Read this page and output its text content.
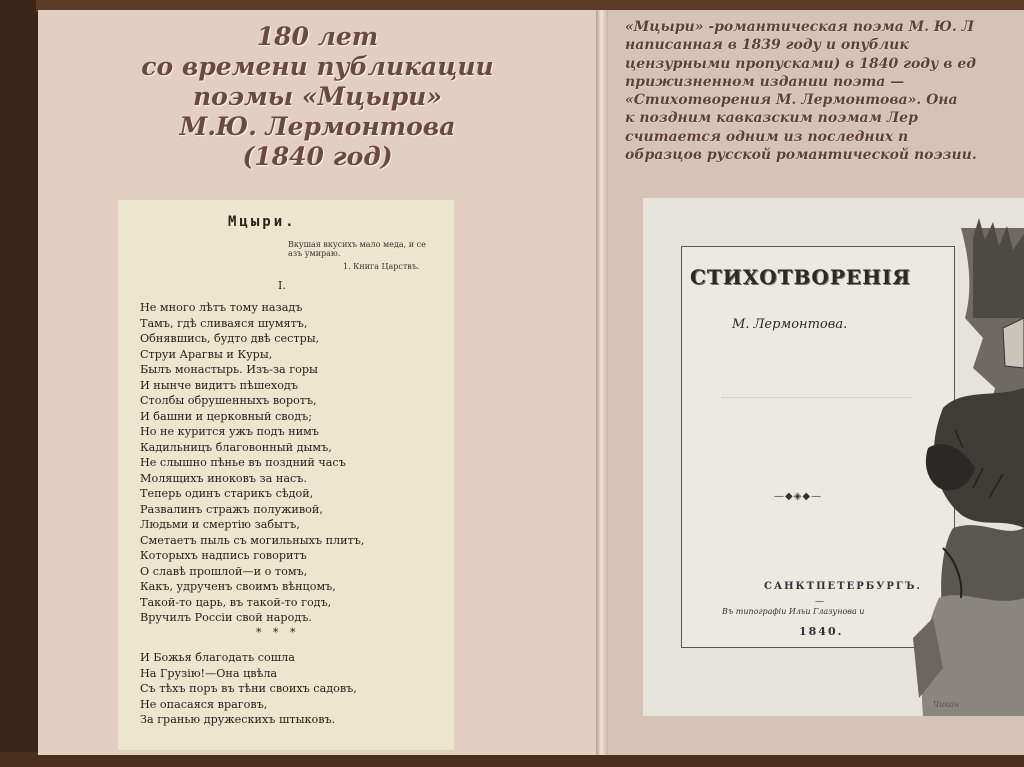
180 лет
со времени публикации
поэмы «Мцыри»
М.Ю. Лермонтова
(1840 год)
Мцыри.
Вкушая вкусихъ мало меда, и се
азъ умираю.
1. Книга Царствъ.
I.
Не много лѣтъ тому назадъ
Тамъ, гдѣ сливаяся шумятъ,
Обнявшись, будто двѣ сестры,
Струи Арагвы и Куры,
Былъ монастырь. Изъ-за горы
И нынче видитъ пѣшеходъ
Столбы обрушенныхъ воротъ,
И башни и церковный сводъ;
Но не курится ужъ подъ нимъ
Кадильницъ благовонный дымъ,
Не слышно пѣнье въ поздний часъ
Молящихъ иноковъ за насъ.
Теперь одинъ старикъ сѣдой,
Развалинъ стражъ полуживой,
Людьми и смертію забытъ,
Сметаетъ пыль съ могильныхъ плитъ,
Которыхъ надпись говоритъ
О славѣ прошлой—и о томъ,
Какъ, удрученъ своимъ вѣнцомъ,
Такой-то царь, въ такой-то годъ,
Вручилъ Россіи свой народъ.
* * *
И Божья благодать сошла
На Грузію!—Она цвѣла
Съ тѣхъ поръ въ тѣни своихъ садовъ,
Не опасаяся враговъ,
За гранью дружескихъ штыковъ.
«Мцыри» -романтическая поэма М. Ю. Л
написанная в 1839 году и опублик
цензурными пропусками) в 1840 году в ед
прижизненном издании поэта —
«Стихотворения М. Лермонтова». Она
к поздним кавказским поэмам Лер
считается одним из последних п
образцов русской романтической поэзии.
СТИХОТВОРЕНІЯ
М. Лермонтова.
—◆◈◆—
САНКТПЕТЕРБУРГЪ.
—
Въ типографіи Ильи Глазунова и
1840.
Чикан
